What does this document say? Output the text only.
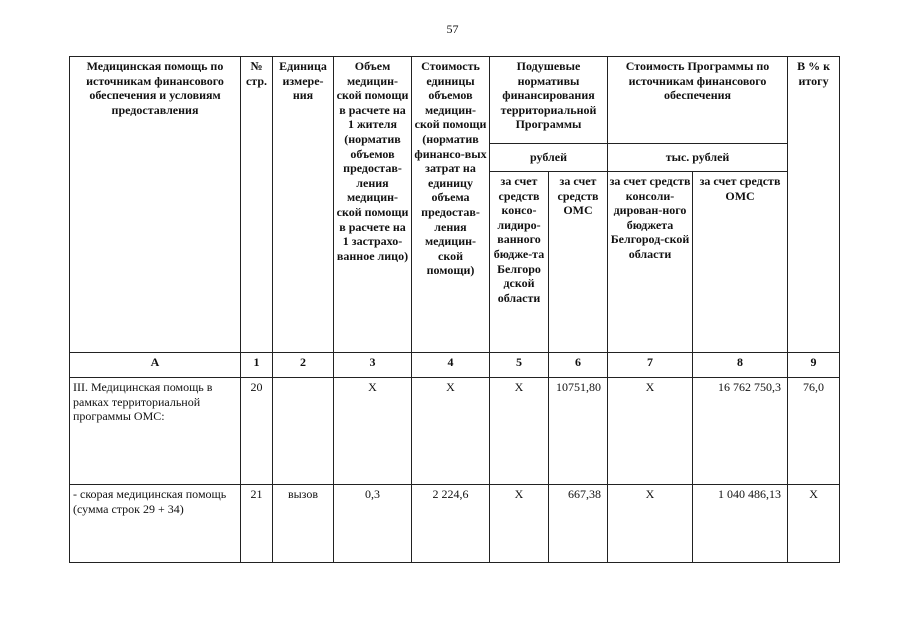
57
Медицинская помощь по источникам финансового обеспечения и условиям предоставления	№ стр.	Единица измере-ния	Объем медицин-ской помощи в расчете на 1 жителя (норматив объемов предостав-ления медицин-ской помощи в расчете на 1 застрахо-ванное лицо)	Стоимость единицы объемов медицин-ской помощи (норматив финансо-вых затрат на единицу объема предостав-ления медицин-ской помощи)	Подушевые нормативы финансирования территориальной Программы		Стоимость Программы по источникам финансового обеспечения		В % к итогу
					рублей		тыс. рублей		
					за счет средств консо-лидиро-ванного бюдже-та Белгоро дской области	за счет средств ОМС	за счет средств консоли-дирован-ного бюджета Белгород-ской области	за счет средств ОМС	
А	1	2	3	4	5	6	7	8	9
III. Медицинская помощь в рамках территориальной программы ОМС:	20		Х	Х	Х	10751,80	Х	16 762 750,3	76,0
- скорая медицинская помощь (сумма строк 29 + 34)	21	вызов	0,3	2 224,6	Х	667,38	Х	1 040 486,13	Х
